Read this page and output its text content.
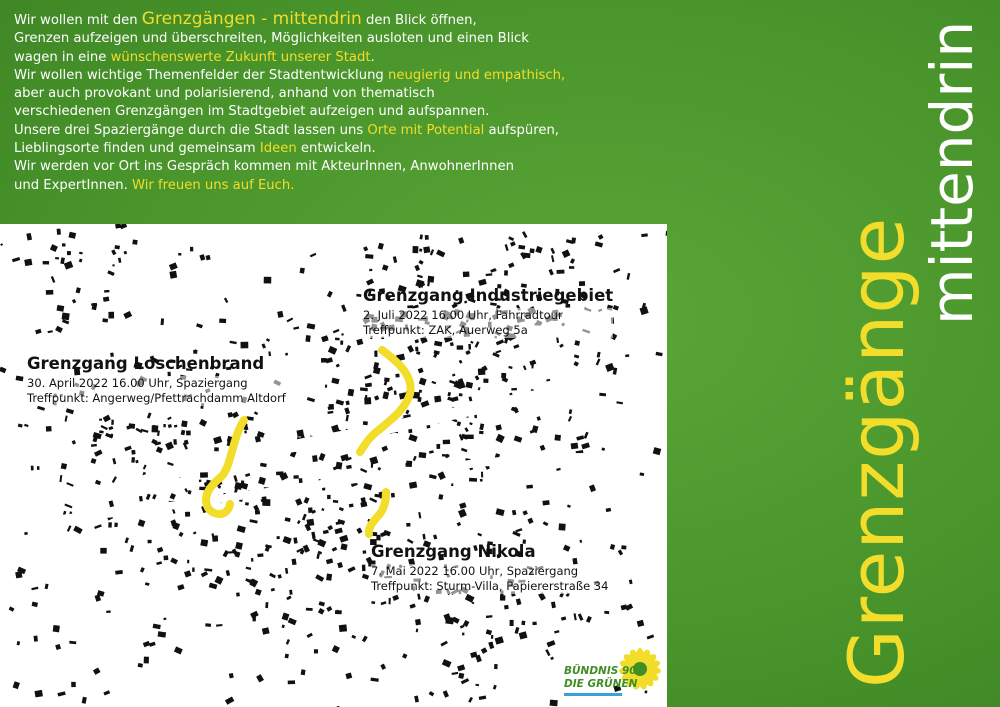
Wir wollen mit den Grenzgängen - mittendrin den Blick öffnen,

Grenzen aufzeigen und überschreiten, Möglichkeiten ausloten und einen Blick

wagen in eine wünschenswerte Zukunft unserer Stadt.

Wir wollen wichtige Themenfelder der Stadtentwicklung neugierig und empathisch,

aber auch provokant und polarisierend, anhand von thematisch

verschiedenen Grenzgängen im Stadtgebiet aufzeigen und aufspannen.

Unsere drei Spaziergänge durch die Stadt lassen uns Orte mit Potential aufspüren,

Lieblingsorte finden und gemeinsam Ideen entwickeln.

Wir werden vor Ort ins Gespräch kommen mit AkteurInnen, AnwohnerInnen

und ExpertInnen. Wir freuen uns auf Euch.

Grenzgang Industriegebiet
2. Juli 2022 16.00 Uhr, Fahrradtour
Treffpunkt: ZAK, Auerweg 5a
Grenzgang Loschenbrand
30. April 2022 16.00 Uhr, Spaziergang
Treffpunkt: Angerweg/Pfettrachdamm Altdorf
Grenzgang Nikola
7. Mai 2022 16.00 Uhr, Spaziergang
Treffpunkt: Sturm-Villa, Papiererstraße 34
BÜNDNIS 90
DIE GRÜNEN	Grenzgänge
mittendrin
